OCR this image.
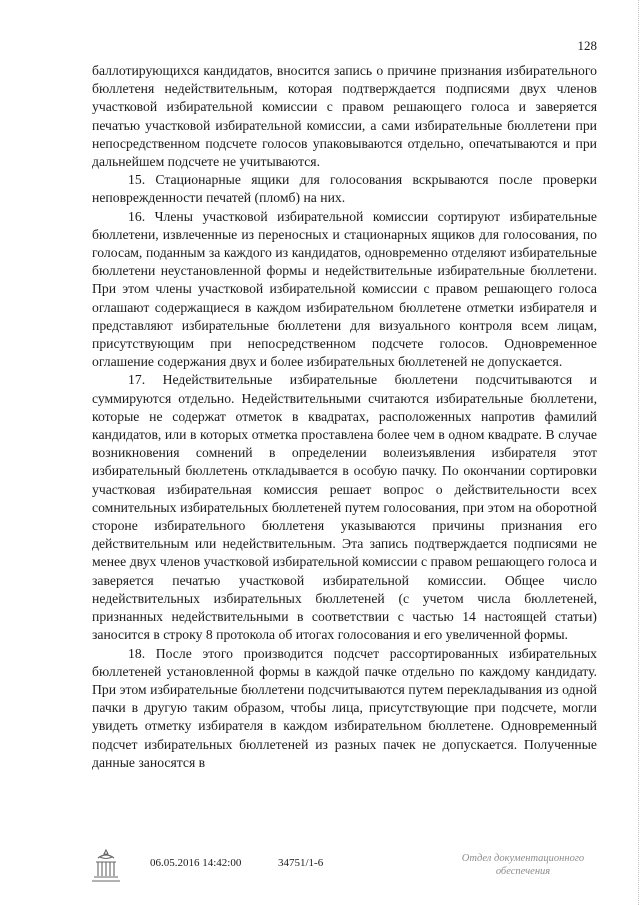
128

баллотирующихся кандидатов, вносится запись о причине признания избирательного бюллетеня недействительным, которая подтверждается подписями двух членов участковой избирательной комиссии с правом решающего голоса и заверяется печатью участковой избирательной комиссии, а сами избирательные бюллетени при непосредственном подсчете голосов упаковываются отдельно, опечатываются и при дальнейшем подсчете не учитываются.

15. Стационарные ящики для голосования вскрываются после проверки неповрежденности печатей (пломб) на них.

16. Члены участковой избирательной комиссии сортируют избирательные бюллетени, извлеченные из переносных и стационарных ящиков для голосования, по голосам, поданным за каждого из кандидатов, одновременно отделяют избирательные бюллетени неустановленной формы и недействительные избирательные бюллетени. При этом члены участковой избирательной комиссии с правом решающего голоса оглашают содержащиеся в каждом избирательном бюллетене отметки избирателя и представляют избирательные бюллетени для визуального контроля всем лицам, присутствующим при непосредственном подсчете голосов. Одновременное оглашение содержания двух и более избирательных бюллетеней не допускается.

17. Недействительные избирательные бюллетени подсчитываются и суммируются отдельно. Недействительными считаются избирательные бюллетени, которые не содержат отметок в квадратах, расположенных напротив фамилий кандидатов, или в которых отметка проставлена более чем в одном квадрате. В случае возникновения сомнений в определении волеизъявления избирателя этот избирательный бюллетень откладывается в особую пачку. По окончании сортировки участковая избирательная комиссия решает вопрос о действительности всех сомнительных избирательных бюллетеней путем голосования, при этом на оборотной стороне избирательного бюллетеня указываются причины признания его действительным или недействительным. Эта запись подтверждается подписями не менее двух членов участковой избирательной комиссии с правом решающего голоса и заверяется печатью участковой избирательной комиссии. Общее число недействительных избирательных бюллетеней (с учетом числа бюллетеней, признанных недействительными в соответствии с частью 14 настоящей статьи) заносится в строку 8 протокола об итогах голосования и его увеличенной формы.

18. После этого производится подсчет рассортированных избирательных бюллетеней установленной формы в каждой пачке отдельно по каждому кандидату. При этом избирательные бюллетени подсчитываются путем перекладывания из одной пачки в другую таким образом, чтобы лица, присутствующие при подсчете, могли увидеть отметку избирателя в каждом избирательном бюллетене. Одновременный подсчет избирательных бюллетеней из разных пачек не допускается. Полученные данные заносятся в

06.05.2016 14:42:00	34751/1-6	Отдел документационного
обеспечения
